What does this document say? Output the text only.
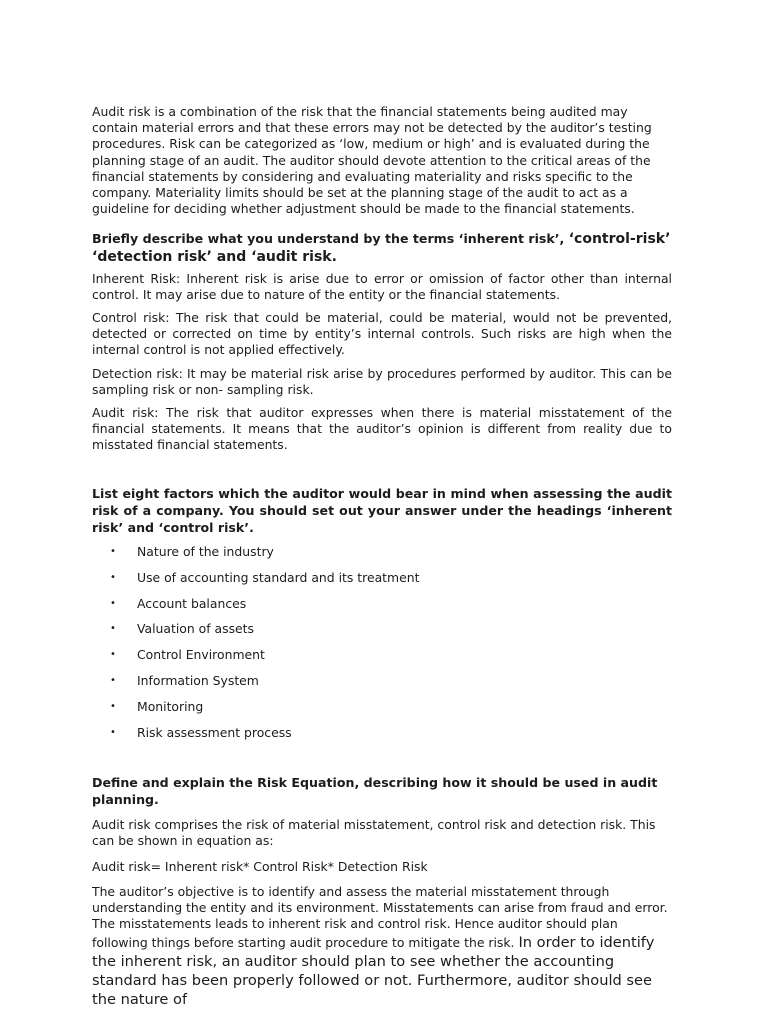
Audit risk is a combination of the risk that the financial statements being audited may contain material errors and that these errors may not be detected by the auditor’s testing procedures. Risk can be categorized as ‘low, medium or high’ and is evaluated during the planning stage of an audit. The auditor should devote attention to the critical areas of the financial statements by considering and evaluating materiality and risks specific to the company. Materiality limits should be set at the planning stage of the audit to act as a guideline for deciding whether adjustment should be made to the financial statements.

Briefly describe what you understand by the terms ‘inherent risk’, ‘control-risk’ ‘detection risk’ and ‘audit risk.

Inherent Risk: Inherent risk is arise due to error or omission of factor other than internal control. It may arise due to nature of the entity or the financial statements.

Control risk: The risk that could be material, could be material, would not be prevented, detected or corrected on time by entity’s internal controls. Such risks are high when the internal control is not applied effectively.

Detection risk: It may be material risk arise by procedures performed by auditor. This can be sampling risk or non- sampling risk.

Audit risk: The risk that auditor expresses when there is material misstatement of the financial statements. It means that the auditor’s opinion is different from reality due to misstated financial statements.

List eight factors which the auditor would bear in mind when assessing the audit risk of a company. You should set out your answer under the headings ‘inherent risk’ and ‘control risk’.

• Nature of the industry
• Use of accounting standard and its treatment
• Account balances
• Valuation of assets
• Control Environment
• Information System
• Monitoring
• Risk assessment process

Define and explain the Risk Equation, describing how it should be used in audit planning.

Audit risk comprises the risk of material misstatement, control risk and detection risk. This can be shown in equation as:

Audit risk= Inherent risk* Control Risk* Detection Risk

The auditor’s objective is to identify and assess the material misstatement through understanding the entity and its environment. Misstatements can arise from fraud and error. The misstatements leads to inherent risk and control risk. Hence auditor should plan following things before starting audit procedure to mitigate the risk. In order to identify the inherent risk, an auditor should plan to see whether the accounting standard has been properly followed or not. Furthermore, auditor should see the nature of
